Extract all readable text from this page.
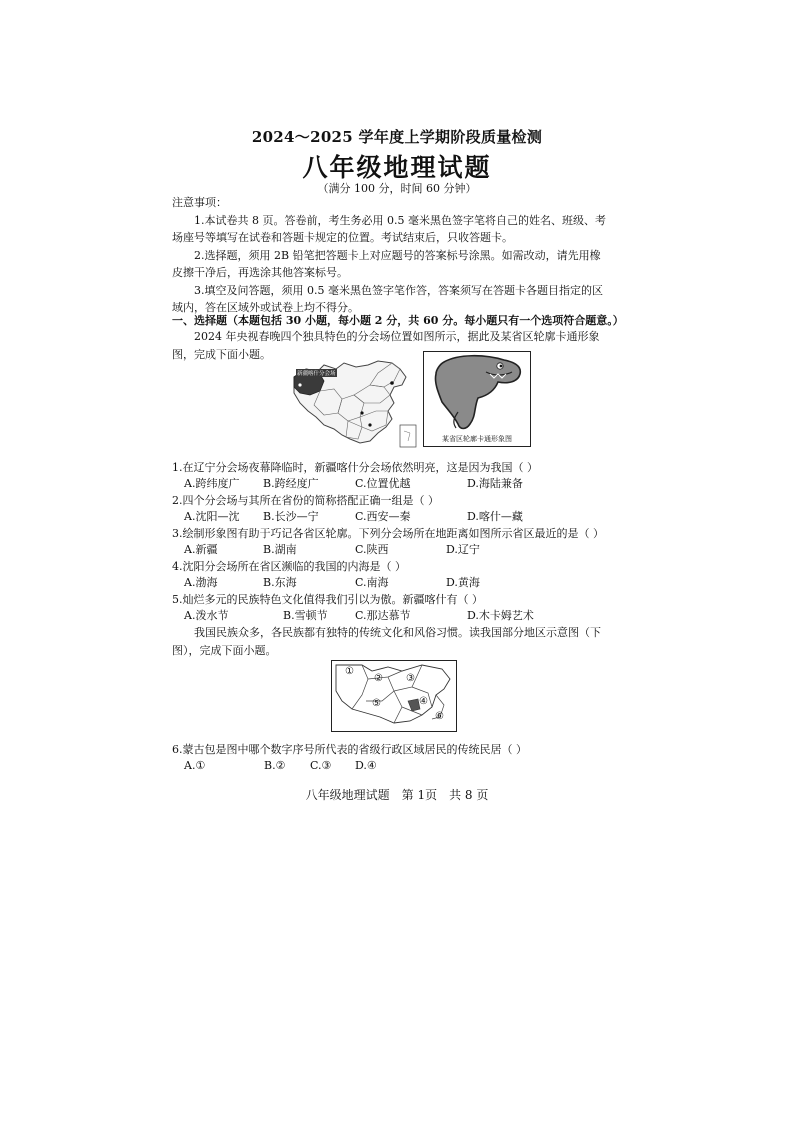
2024～2025 学年度上学期阶段质量检测
八年级地理试题
（满分 100 分，时间 60 分钟）
注意事项：
1.本试卷共 8 页。答卷前，考生务必用 0.5 毫米黑色签字笔将自己的姓名、班级、考
场座号等填写在试卷和答题卡规定的位置。考试结束后，只收答题卡。
2.选择题，须用 2B 铅笔把答题卡上对应题号的答案标号涂黑。如需改动，请先用橡
皮擦干净后，再选涂其他答案标号。
3.填空及问答题，须用 0.5 毫米黑色签字笔作答，答案须写在答题卡各题目指定的区
域内，答在区域外或试卷上均不得分。
一、选择题（本题包括 30 小题，每小题 2 分，共 60 分。每小题只有一个选项符合题意。）
2024 年央视春晚四个独具特色的分会场位置如图所示，据此及某省区轮廓卡通形象
图，完成下面小题。
新疆喀什分会场
某省区轮廓卡通形象图
1.在辽宁分会场夜幕降临时，新疆喀什分会场依然明亮，这是因为我国（ ）
A.跨纬度广 B.跨经度广	C.位置优越	D.海陆兼备
2.四个分会场与其所在省份的简称搭配正确一组是（ ）
A.沈阳—沈 B.长沙—宁	C.西安—秦	D.喀什—藏
3.绘制形象图有助于巧记各省区轮廓。下列分会场所在地距离如图所示省区最近的是（ ）
A.新疆	B.湖南	C.陕西	D.辽宁
4.沈阳分会场所在省区濒临的我国的内海是（ ）
A.渤海	B.东海	C.南海	D.黄海
5.灿烂多元的民族特色文化值得我们引以为傲。新疆喀什有（ ）
A.泼水节	B.雪顿节 C.那达慕节	D.木卡姆艺术
我国民族众多，各民族都有独特的传统文化和风俗习惯。读我国部分地区示意图（下
图），完成下面小题。
①
② ③
④
⑤
⑥
6.蒙古包是图中哪个数字序号所代表的省级行政区域居民的传统民居（ ）
A.①	B.② C.③ D.④
八年级地理试题　第 1页　共 8 页
